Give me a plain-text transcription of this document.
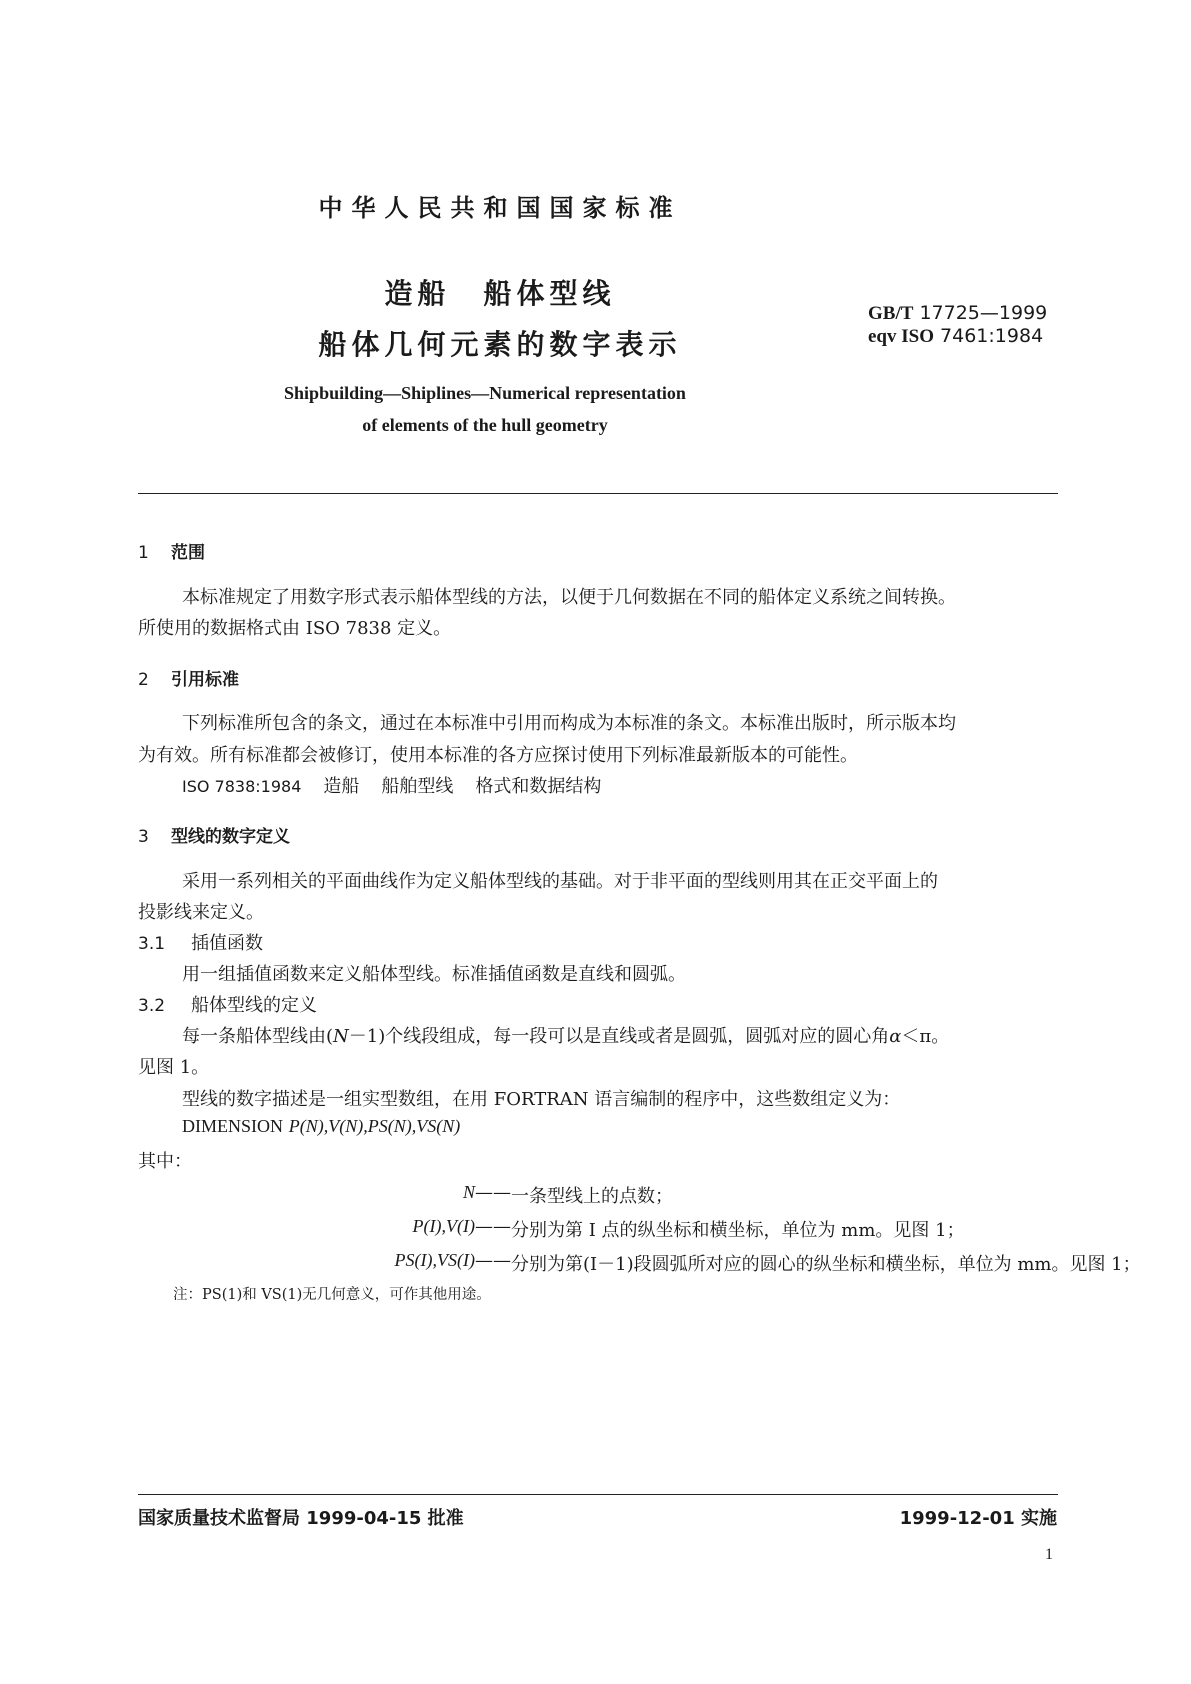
中华人民共和国国家标准
造船　船体型线
船体几何元素的数字表示
GB/T 17725—1999
eqv ISO 7461:1984
Shipbuilding—Shiplines—Numerical representation
of elements of the hull geometry
1 范围
本标准规定了用数字形式表示船体型线的方法，以便于几何数据在不同的船体定义系统之间转换。
所使用的数据格式由 ISO 7838 定义。
2 引用标准
下列标准所包含的条文，通过在本标准中引用而构成为本标准的条文。本标准出版时，所示版本均
为有效。所有标准都会被修订，使用本标准的各方应探讨使用下列标准最新版本的可能性。
ISO 7838:1984 造船 船舶型线 格式和数据结构
3 型线的数字定义
采用一系列相关的平面曲线作为定义船体型线的基础。对于非平面的型线则用其在正交平面上的
投影线来定义。
3.1 插值函数
用一组插值函数来定义船体型线。标准插值函数是直线和圆弧。
3.2 船体型线的定义
每一条船体型线由(N－1)个线段组成，每一段可以是直线或者是圆弧，圆弧对应的圆心角α＜π。
见图 1。
型线的数字描述是一组实型数组，在用 FORTRAN 语言编制的程序中，这些数组定义为：
DIMENSION P(N),V(N),PS(N),VS(N)
其中：
N—— 一条型线上的点数；
P(I),V(I)—— 分别为第 I 点的纵坐标和横坐标，单位为 mm。见图 1；
PS(I),VS(I)—— 分别为第(I－1)段圆弧所对应的圆心的纵坐标和横坐标，单位为 mm。见图 1；
注：PS(1)和 VS(1)无几何意义，可作其他用途。
国家质量技术监督局 1999-04-15 批准	1999-12-01 实施
1
